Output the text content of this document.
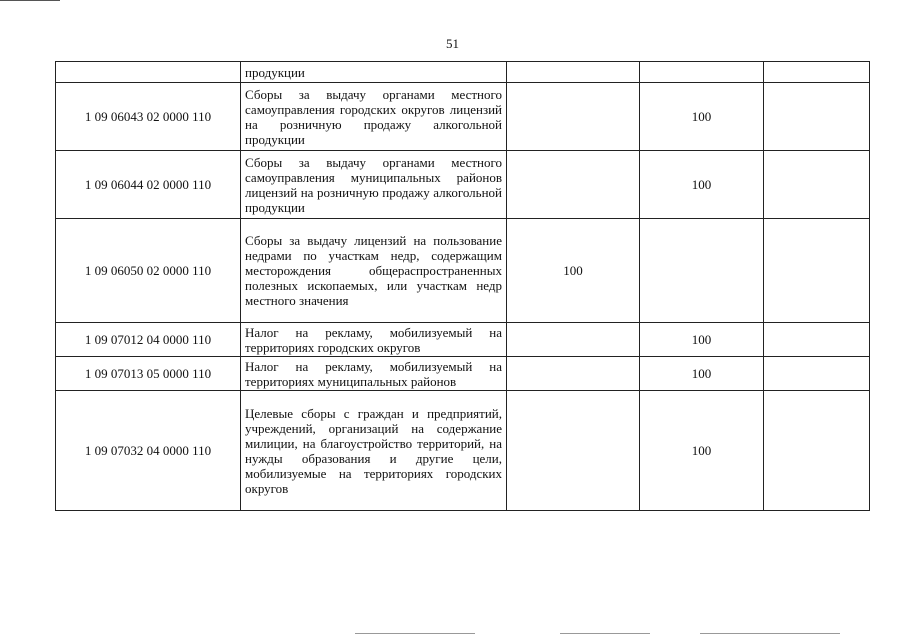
51
	продукции			
1 09 06043 02 0000 110	Сборы за выдачу органами местного самоуправления городских округов лицензий на розничную продажу алкогольной продукции		100	
1 09 06044 02 0000 110	Сборы за выдачу органами местного самоуправления муниципальных районов лицензий на розничную продажу алкогольной продукции		100	
1 09 06050 02 0000 110	Сборы за выдачу лицензий на пользование недрами по участкам недр, содержащим месторождения общераспространенных полезных ископаемых, или участкам недр местного значения	100		
1 09 07012 04 0000 110	Налог на рекламу, мобилизуемый на территориях городских округов		100	
1 09 07013 05 0000 110	Налог на рекламу, мобилизуемый на территориях муниципальных районов		100	
1 09 07032 04 0000 110	Целевые сборы с граждан и предприятий, учреждений, организаций на содержание милиции, на благоустройство территорий, на нужды образования и другие цели, мобилизуемые на территориях городских округов		100	
